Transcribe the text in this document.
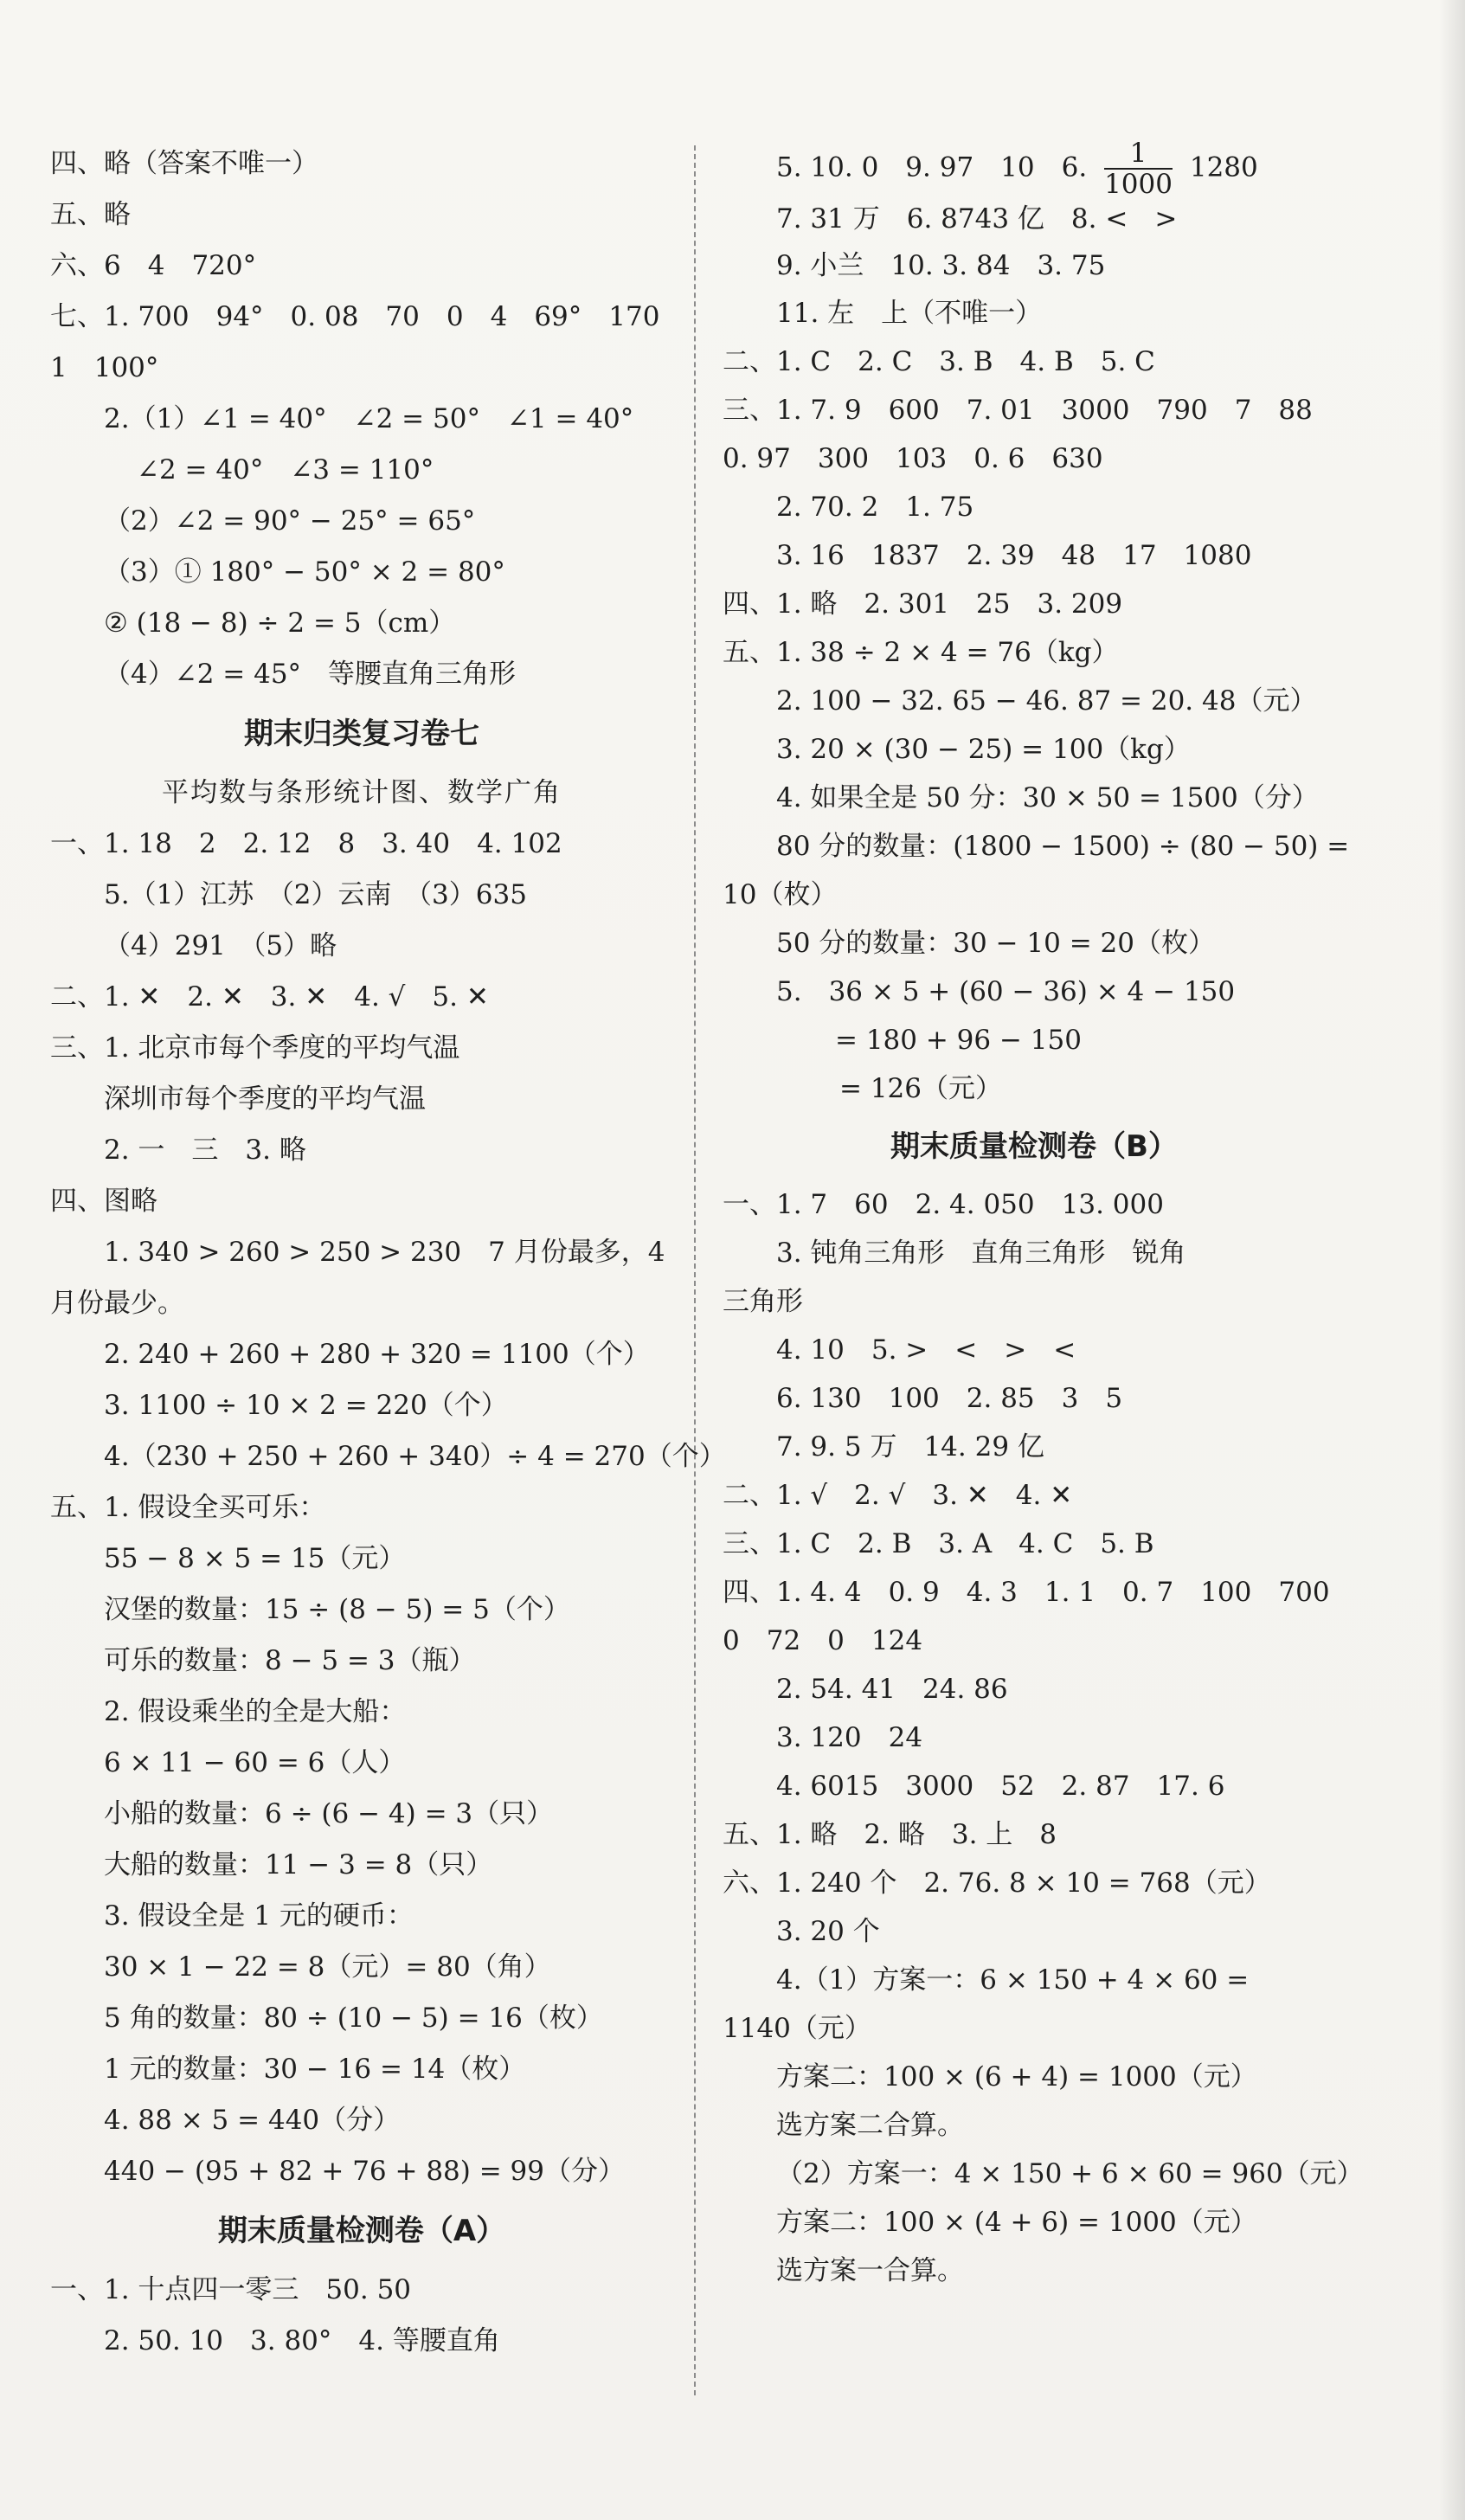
四、略（答案不唯一）
五、略
六、6　4　720°
七、1. 700　94°　0. 08　70　0　4　69°　170
1　100°
2.（1）∠1 = 40°　∠2 = 50°　∠1 = 40°
∠2 = 40°　∠3 = 110°
（2）∠2 = 90° − 25° = 65°
（3）① 180° − 50° × 2 = 80°
② (18 − 8) ÷ 2 = 5（cm）
（4）∠2 = 45°　等腰直角三角形
期末归类复习卷七
平均数与条形统计图、数学广角
一、1. 18　2　2. 12　8　3. 40　4. 102
5.（1）江苏　（2）云南　（3）635
（4）291　（5）略
二、1. ✕　2. ✕　3. ✕　4. √　5. ✕
三、1. 北京市每个季度的平均气温
深圳市每个季度的平均气温
2. 一　三　3. 略
四、图略
1. 340 > 260 > 250 > 230　7 月份最多，4
月份最少。
2. 240 + 260 + 280 + 320 = 1100（个）
3. 1100 ÷ 10 × 2 = 220（个）
4.（230 + 250 + 260 + 340）÷ 4 = 270（个）
五、1. 假设全买可乐：
55 − 8 × 5 = 15（元）
汉堡的数量：15 ÷ (8 − 5) = 5（个）
可乐的数量：8 − 5 = 3（瓶）
2. 假设乘坐的全是大船：
6 × 11 − 60 = 6（人）
小船的数量：6 ÷ (6 − 4) = 3（只）
大船的数量：11 − 3 = 8（只）
3. 假设全是 1 元的硬币：
30 × 1 − 22 = 8（元）= 80（角）
5 角的数量：80 ÷ (10 − 5) = 16（枚）
1 元的数量：30 − 16 = 14（枚）
4. 88 × 5 = 440（分）
440 − (95 + 82 + 76 + 88) = 99（分）
期末质量检测卷（A）
一、1. 十点四一零三　50. 50
2. 50. 10　3. 80°　4. 等腰直角
5. 10. 0　9. 97　10　6. $\frac{1}{1000} 1280$
7. 31 万　6. 8743 亿　8. <　>
9. 小兰　10. 3. 84　3. 75
11. 左　上（不唯一）
二、1. C　2. C　3. B　4. B　5. C
三、1. 7. 9　600　7. 01　3000　790　7　88
0. 97　300　103　0. 6　630
2. 70. 2　1. 75
3. 16　1837　2. 39　48　17　1080
四、1. 略　2. 301　25　3. 209
五、1. 38 ÷ 2 × 4 = 76（kg）
2. 100 − 32. 65 − 46. 87 = 20. 48（元）
3. 20 × (30 − 25) = 100（kg）
4. 如果全是 50 分：30 × 50 = 1500（分）
80 分的数量：(1800 − 1500) ÷ (80 − 50) =
10（枚）
50 分的数量：30 − 10 = 20（枚）
5.　36 × 5 + (60 − 36) × 4 − 150
= 180 + 96 − 150
= 126（元）
期末质量检测卷（B）
一、1. 7　60　2. 4. 050　13. 000
3. 钝角三角形　直角三角形　锐角
三角形
4. 10　5. >　<　>　<
6. 130　100　2. 85　3　5
7. 9. 5 万　14. 29 亿
二、1. √　2. √　3. ✕　4. ✕
三、1. C　2. B　3. A　4. C　5. B
四、1. 4. 4　0. 9　4. 3　1. 1　0. 7　100　700
0　72　0　124
2. 54. 41　24. 86
3. 120　24
4. 6015　3000　52　2. 87　17. 6
五、1. 略　2. 略　3. 上　8
六、1. 240 个　2. 76. 8 × 10 = 768（元）
3. 20 个
4.（1）方案一：6 × 150 + 4 × 60 =
1140（元）
方案二：100 × (6 + 4) = 1000（元）
选方案二合算。
（2）方案一：4 × 150 + 6 × 60 = 960（元）
方案二：100 × (4 + 6) = 1000（元）
选方案一合算。
